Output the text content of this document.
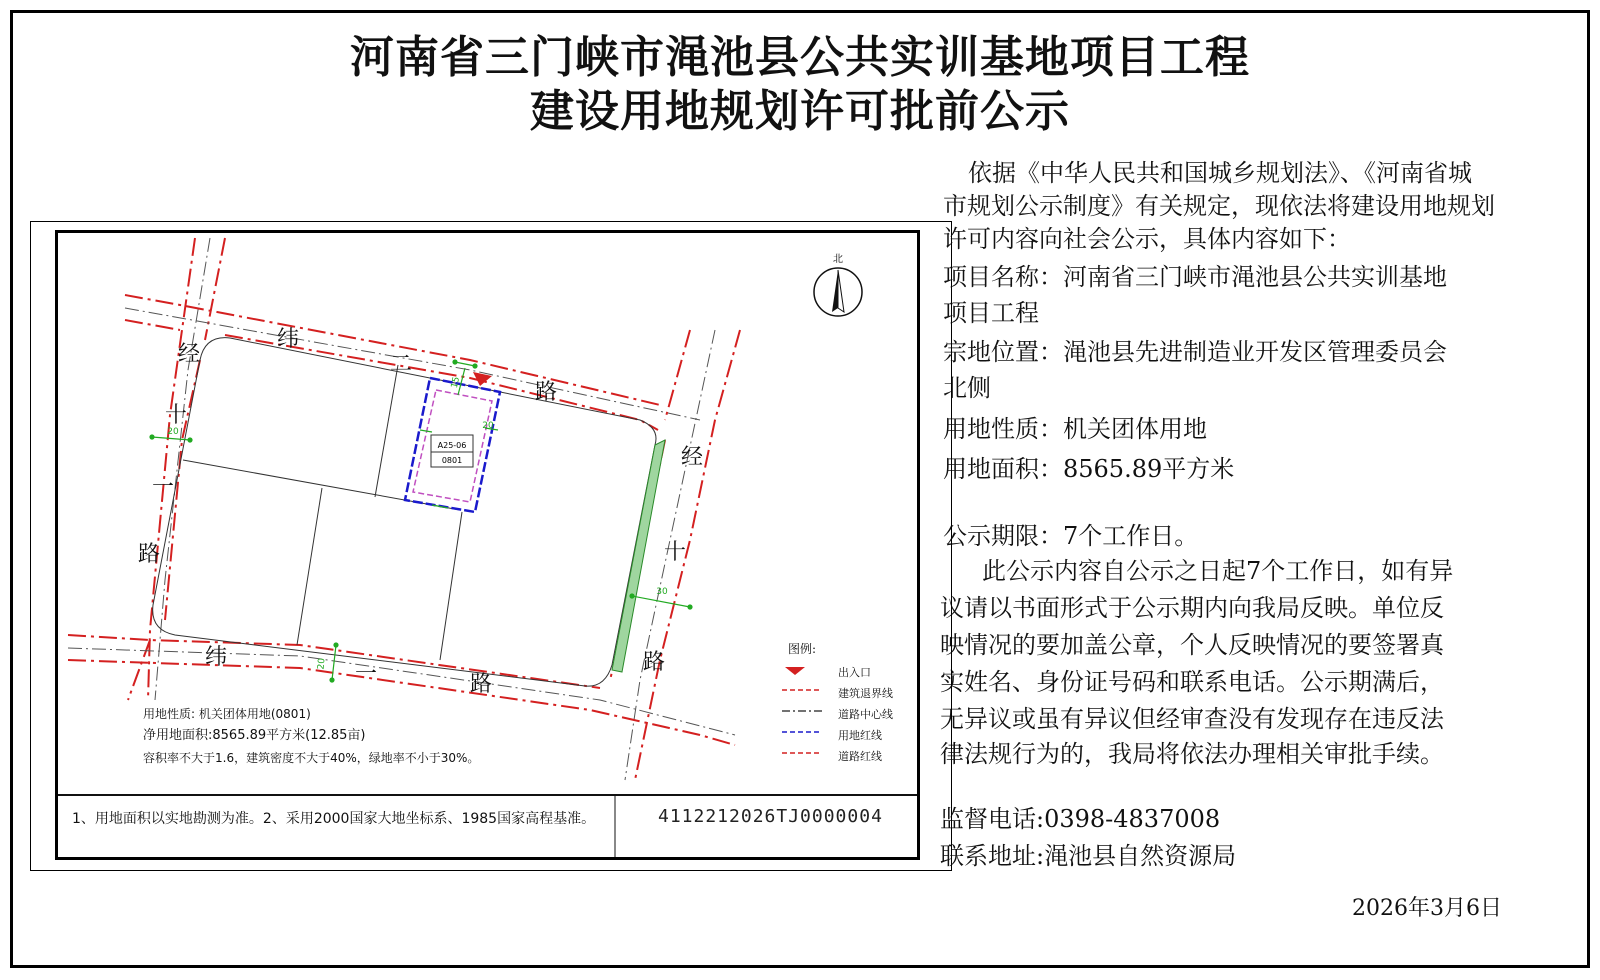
河南省三门峡市渑池县公共实训基地项目工程
建设用地规划许可批前公示
依据《中华人民共和国城乡规划法》、《河南省城
市规划公示制度》有关规定，现依法将建设用地规划
许可内容向社会公示，具体内容如下：
项目名称：河南省三门峡市渑池县公共实训基地
项目工程
宗地位置：渑池县先进制造业开发区管理委员会
北侧
用地性质：机关团体用地
用地面积：8565.89平方米
公示期限：7个工作日。
此公示内容自公示之日起7个工作日，如有异
议请以书面形式于公示期内向我局反映。单位反
映情况的要加盖公章，个人反映情况的要签署真
实姓名、身份证号码和联系电话。公示期满后，
无异议或虽有异议但经审查没有发现存在违反法
律法规行为的，我局将依法办理相关审批手续。
监督电话:0398-4837008
联系地址:渑池县自然资源局
2026年3月6日
A25-06
0801
20
15
20
30
20
北
经
十
一
路
纬
二
路
经
十
路
纬
一	路
图例:
出入口
建筑退界线
道路中心线
用地红线
道路红线
用地性质: 机关团体用地(0801)
净用地面积:8565.89平方米(12.85亩)
容积率不大于1.6，建筑密度不大于40%，绿地率不小于30%。
1、用地面积以实地勘测为准。2、采用2000国家大地坐标系、1985国家高程基准。	4112212026TJ0000004
